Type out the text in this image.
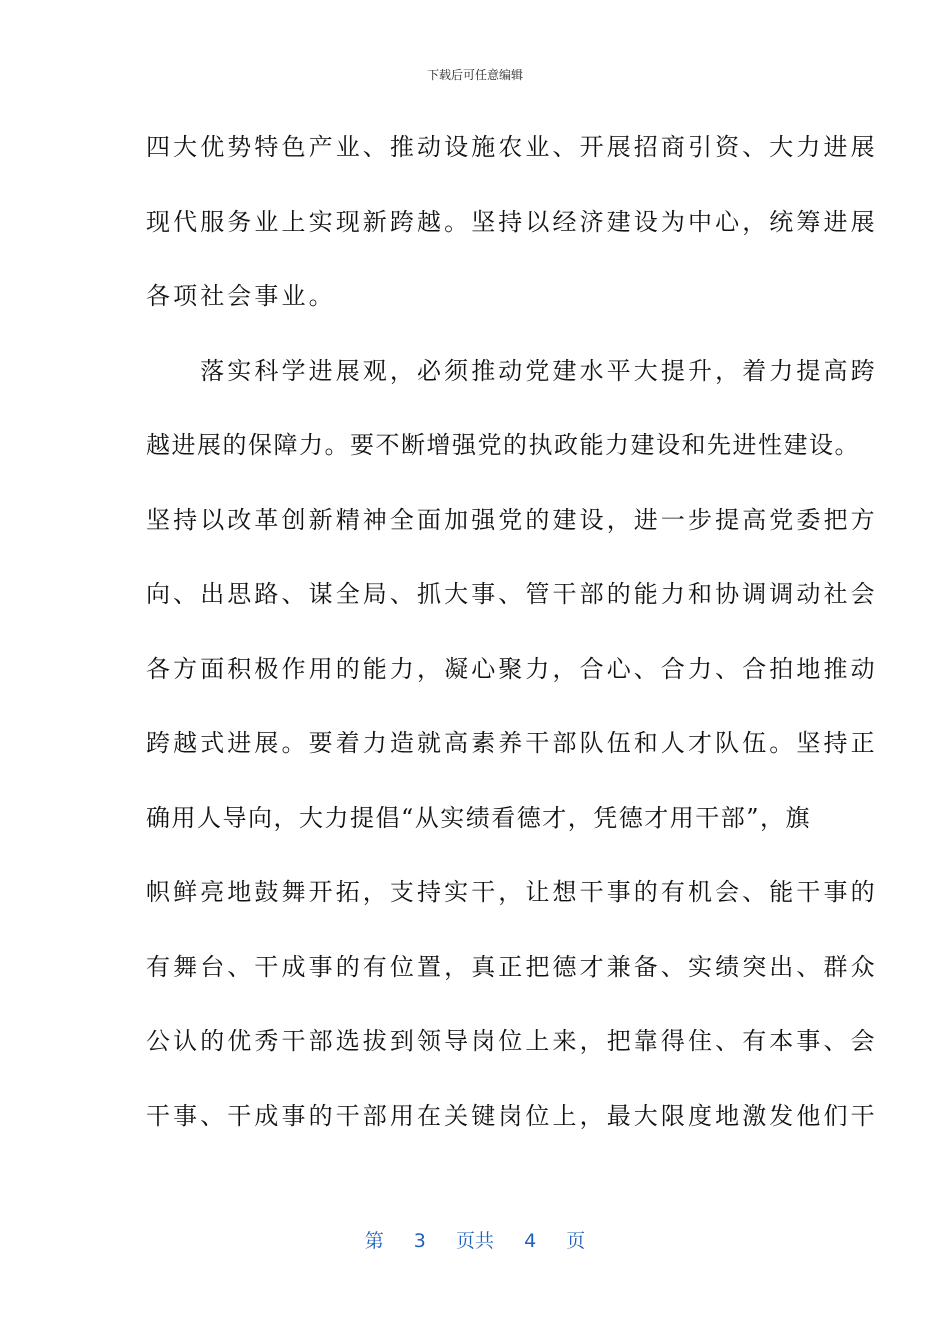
下载后可任意编辑
四大优势特色产业、推动设施农业、开展招商引资、大力进展
现代服务业上实现新跨越。坚持以经济建设为中心，统筹进展
各项社会事业。
　　落实科学进展观，必须推动党建水平大提升，着力提高跨
越进展的保障力。要不断增强党的执政能力建设和先进性建设。
坚持以改革创新精神全面加强党的建设，进一步提高党委把方
向、出思路、谋全局、抓大事、管干部的能力和协调调动社会
各方面积极作用的能力，凝心聚力，合心、合力、合拍地推动
跨越式进展。要着力造就高素养干部队伍和人才队伍。坚持正
确用人导向，大力提倡“从实绩看德才，凭德才用干部”，旗
帜鲜亮地鼓舞开拓，支持实干，让想干事的有机会、能干事的
有舞台、干成事的有位置，真正把德才兼备、实绩突出、群众
公认的优秀干部选拔到领导岗位上来，把靠得住、有本事、会
干事、干成事的干部用在关键岗位上，最大限度地激发他们干
第 3 页共 4 页
